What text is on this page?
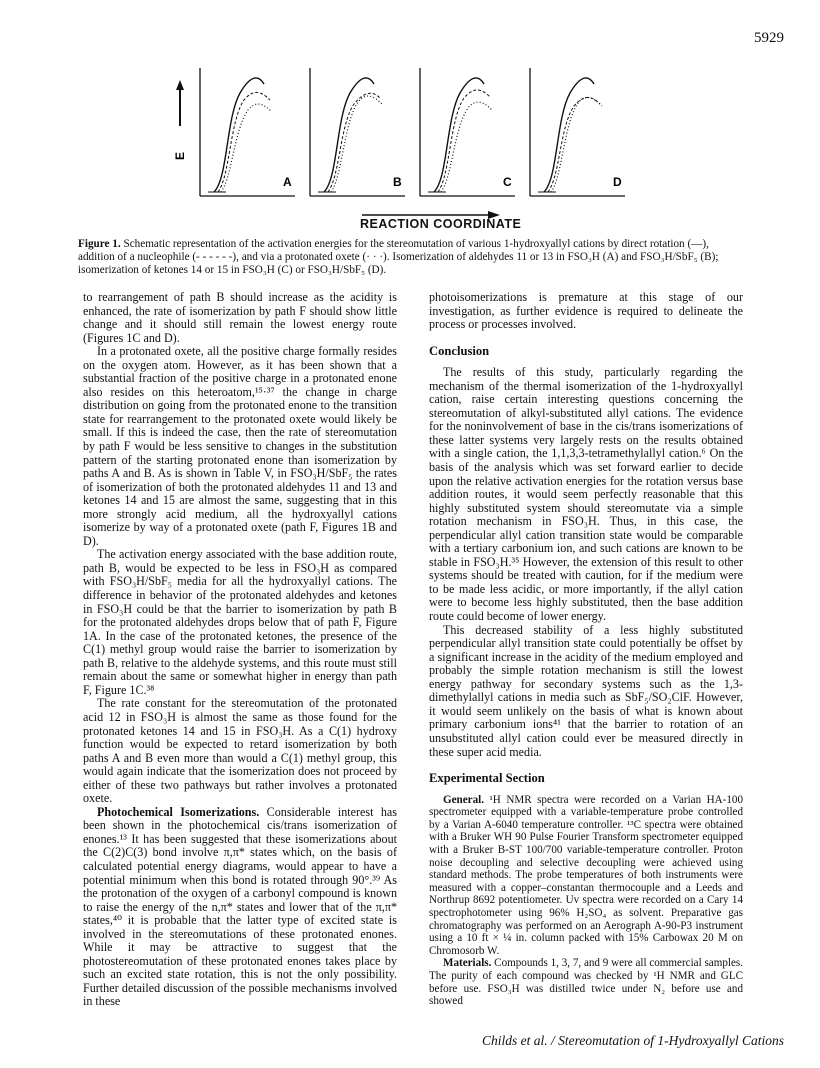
5929
E
A	B	C	D
REACTION COORDINATE
Figure 1. Schematic representation of the activation energies for the stereomutation of various 1-hydroxyallyl cations by direct rotation (—), addition of a nucleophile (- - - - - -), and via a protonated oxete (· · ·). Isomerization of aldehydes 11 or 13 in FSO₃H (A) and FSO₃H/SbF₅ (B); isomerization of ketones 14 or 15 in FSO₃H (C) or FSO₃H/SbF₅ (D).

to rearrangement of path B should increase as the acidity is enhanced, the rate of isomerization by path F should show little change and it should still remain the lowest energy route (Figures 1C and D).

In a protonated oxete, all the positive charge formally resides on the oxygen atom. However, as it has been shown that a substantial fraction of the positive charge in a protonated enone also resides on this heteroatom,¹⁵·³⁷ the change in charge distribution on going from the protonated enone to the transition state for rearrangement to the protonated oxete would likely be small. If this is indeed the case, then the rate of stereomutation by path F would be less sensitive to changes in the substitution pattern of the starting protonated enone than isomerization by paths A and B. As is shown in Table V, in FSO₃H/SbF₅ the rates of isomerization of both the protonated aldehydes 11 and 13 and ketones 14 and 15 are almost the same, suggesting that in this more strongly acid medium, all the hydroxyallyl cations isomerize by way of a protonated oxete (path F, Figures 1B and D).

The activation energy associated with the base addition route, path B, would be expected to be less in FSO₃H as compared with FSO₃H/SbF₅ media for all the hydroxyallyl cations. The difference in behavior of the protonated aldehydes and ketones in FSO₃H could be that the barrier to isomerization by path B for the protonated aldehydes drops below that of path F, Figure 1A. In the case of the protonated ketones, the presence of the C(1) methyl group would raise the barrier to isomerization by path B, relative to the aldehyde systems, and this route must still remain about the same or somewhat higher in energy than path F, Figure 1C.³⁸

The rate constant for the stereomutation of the protonated acid 12 in FSO₃H is almost the same as those found for the protonated ketones 14 and 15 in FSO₃H. As a C(1) hydroxy function would be expected to retard isomerization by both paths A and B even more than would a C(1) methyl group, this would again indicate that the isomerization does not proceed by either of these two pathways but rather involves a protonated oxete.

Photochemical Isomerizations. Considerable interest has been shown in the photochemical cis/trans isomerization of enones.¹³ It has been suggested that these isomerizations about the C(2)C(3) bond involve π,π* states which, on the basis of calculated potential energy diagrams, would appear to have a potential minimum when this bond is rotated through 90°.³⁹ As the protonation of the oxygen of a carbonyl compound is known to raise the energy of the n,π* states and lower that of the π,π* states,⁴⁰ it is probable that the latter type of excited state is involved in the stereomutations of these protonated enones. While it may be attractive to suggest that the photostereomutation of these protonated enones takes place by such an excited state rotation, this is not the only possibility. Further detailed discussion of the possible mechanisms involved in these

photoisomerizations is premature at this stage of our investigation, as further evidence is required to delineate the process or processes involved.

Conclusion

The results of this study, particularly regarding the mechanism of the thermal isomerization of the 1-hydroxyallyl cation, raise certain interesting questions concerning the stereomutation of alkyl-substituted allyl cations. The evidence for the noninvolvement of base in the cis/trans isomerizations of these latter systems very largely rests on the results obtained with a single cation, the 1,1,3,3-tetramethylallyl cation.⁶ On the basis of the analysis which was set forward earlier to decide upon the relative activation energies for the rotation versus base addition routes, it would seem perfectly reasonable that this highly substituted system should stereomutate via a simple rotation mechanism in FSO₃H. Thus, in this case, the perpendicular allyl cation transition state would be comparable with a tertiary carbonium ion, and such cations are known to be stable in FSO₃H.³⁵ However, the extension of this result to other systems should be treated with caution, for if the medium were to be made less acidic, or more importantly, if the allyl cation were to become less highly substituted, then the base addition route could become of lower energy.

This decreased stability of a less highly substituted perpendicular allyl transition state could potentially be offset by a significant increase in the acidity of the medium employed and probably the simple rotation mechanism is still the lowest energy pathway for secondary systems such as the 1,3-dimethylallyl cations in media such as SbF₅/SO₂ClF. However, it would seem unlikely on the basis of what is known about primary carbonium ions⁴¹ that the barrier to rotation of an unsubstituted allyl cation could ever be measured directly in these super acid media.

Experimental Section

General. ¹H NMR spectra were recorded on a Varian HA-100 spectrometer equipped with a variable-temperature probe controlled by a Varian A-6040 temperature controller. ¹³C spectra were obtained with a Bruker WH 90 Pulse Fourier Transform spectrometer equipped with a Bruker B-ST 100/700 variable-temperature controller. Proton noise decoupling and selective decoupling were achieved using standard methods. The probe temperatures of both instruments were measured with a copper–constantan thermocouple and a Leeds and Northrup 8692 potentiometer. Uv spectra were recorded on a Cary 14 spectrophotometer using 96% H₂SO₄ as solvent. Preparative gas chromatography was performed on an Aerograph A-90-P3 instrument using a 10 ft × ¼ in. column packed with 15% Carbowax 20 M on Chromosorb W.

Materials. Compounds 1, 3, 7, and 9 were all commercial samples. The purity of each compound was checked by ¹H NMR and GLC before use. FSO₃H was distilled twice under N₂ before use and showed

Childs et al. / Stereomutation of 1-Hydroxyallyl Cations
